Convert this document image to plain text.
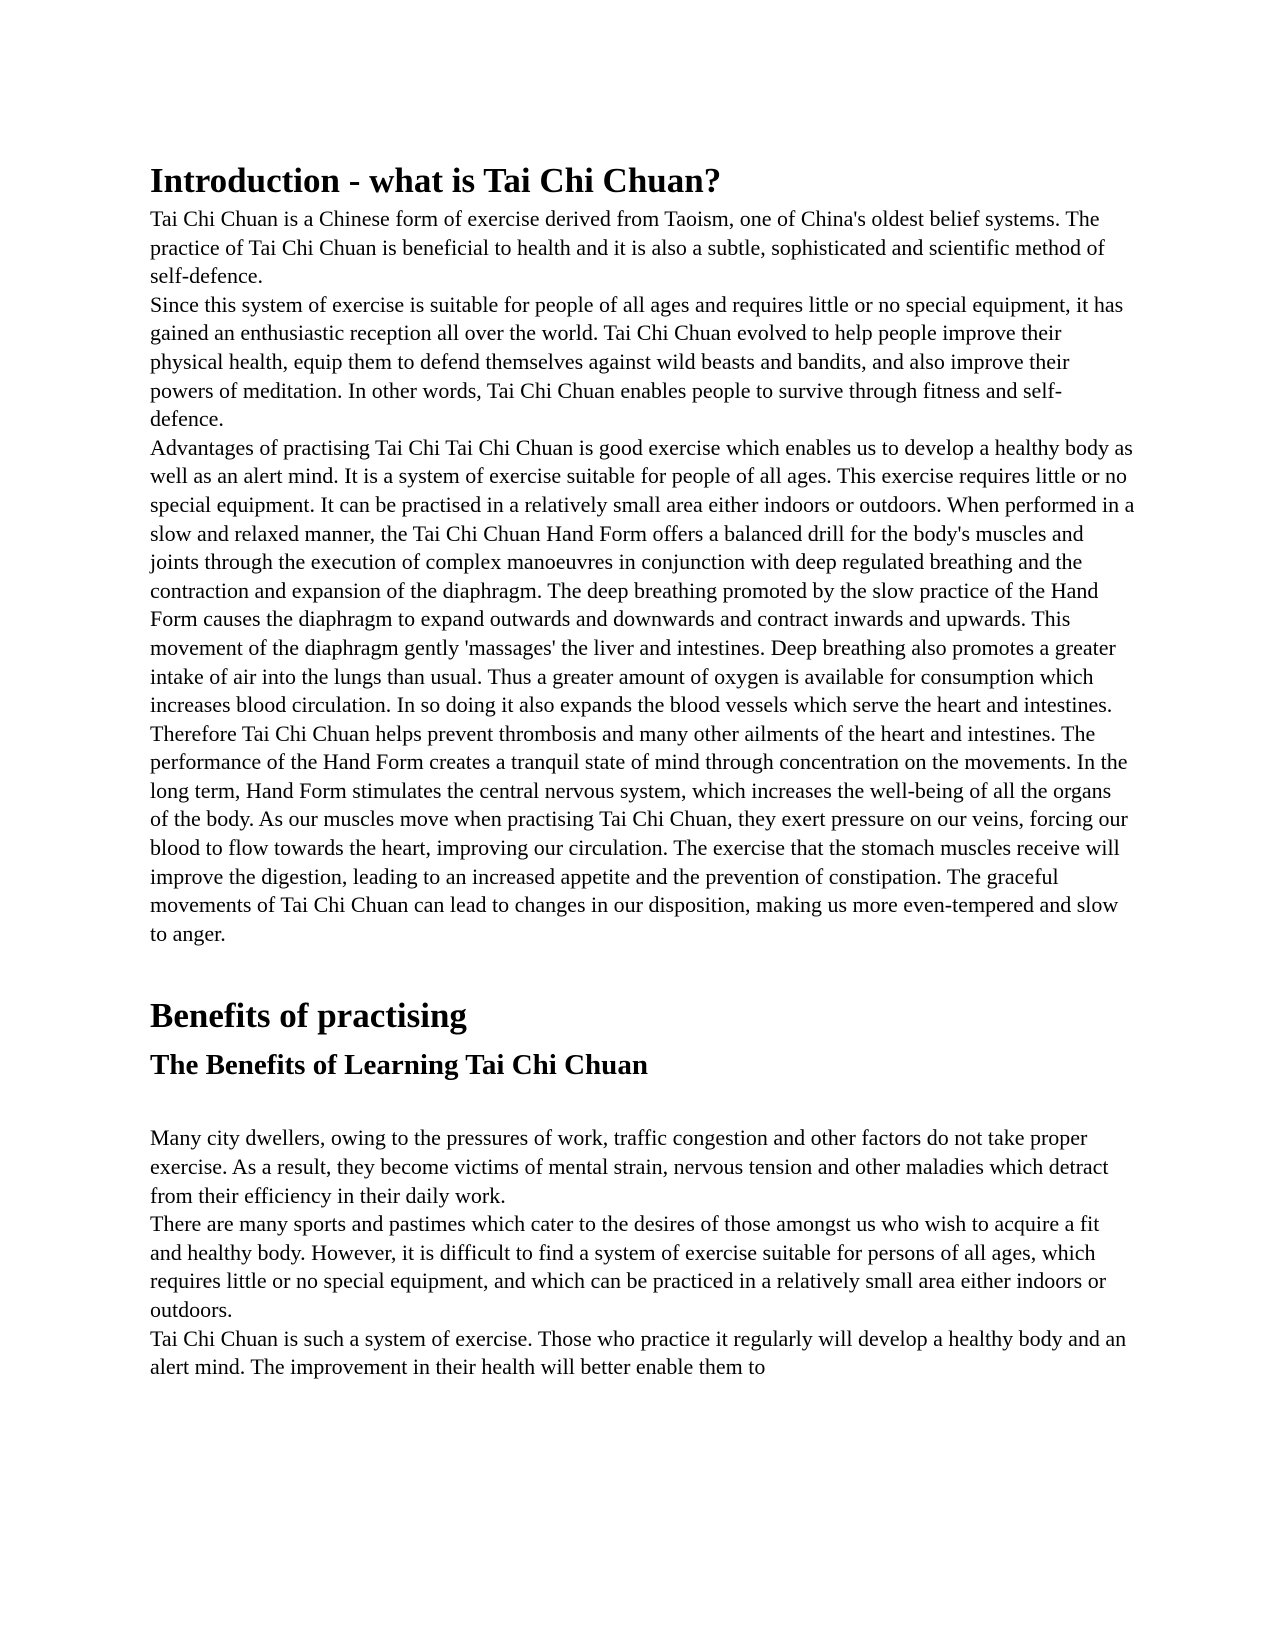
Introduction - what is Tai Chi Chuan?

Tai Chi Chuan is a Chinese form of exercise derived from Taoism, one of China's oldest belief systems. The practice of Tai Chi Chuan is beneficial to health and it is also a subtle, sophisticated and scientific method of self-defence.

Since this system of exercise is suitable for people of all ages and requires little or no special equipment, it has gained an enthusiastic reception all over the world. Tai Chi Chuan evolved to help people improve their physical health, equip them to defend themselves against wild beasts and bandits, and also improve their powers of meditation. In other words, Tai Chi Chuan enables people to survive through fitness and self-defence.

Advantages of practising Tai Chi Tai Chi Chuan is good exercise which enables us to develop a healthy body as well as an alert mind. It is a system of exercise suitable for people of all ages. This exercise requires little or no special equipment. It can be practised in a relatively small area either indoors or outdoors. When performed in a slow and relaxed manner, the Tai Chi Chuan Hand Form offers a balanced drill for the body's muscles and joints through the execution of complex manoeuvres in conjunction with deep regulated breathing and the contraction and expansion of the diaphragm. The deep breathing promoted by the slow practice of the Hand Form causes the diaphragm to expand outwards and downwards and contract inwards and upwards. This movement of the diaphragm gently 'massages' the liver and intestines. Deep breathing also promotes a greater intake of air into the lungs than usual. Thus a greater amount of oxygen is available for consumption which increases blood circulation. In so doing it also expands the blood vessels which serve the heart and intestines. Therefore Tai Chi Chuan helps prevent thrombosis and many other ailments of the heart and intestines. The performance of the Hand Form creates a tranquil state of mind through concentration on the movements. In the long term, Hand Form stimulates the central nervous system, which increases the well-being of all the organs of the body. As our muscles move when practising Tai Chi Chuan, they exert pressure on our veins, forcing our blood to flow towards the heart, improving our circulation. The exercise that the stomach muscles receive will improve the digestion, leading to an increased appetite and the prevention of constipation. The graceful movements of Tai Chi Chuan can lead to changes in our disposition, making us more even-tempered and slow to anger.

Benefits of practising
The Benefits of Learning Tai Chi Chuan

Many city dwellers, owing to the pressures of work, traffic congestion and other factors do not take proper exercise. As a result, they become victims of mental strain, nervous tension and other maladies which detract from their efficiency in their daily work.

There are many sports and pastimes which cater to the desires of those amongst us who wish to acquire a fit and healthy body. However, it is difficult to find a system of exercise suitable for persons of all ages, which requires little or no special equipment, and which can be practiced in a relatively small area either indoors or outdoors.

Tai Chi Chuan is such a system of exercise. Those who practice it regularly will develop a healthy body and an alert mind. The improvement in their health will better enable them to
